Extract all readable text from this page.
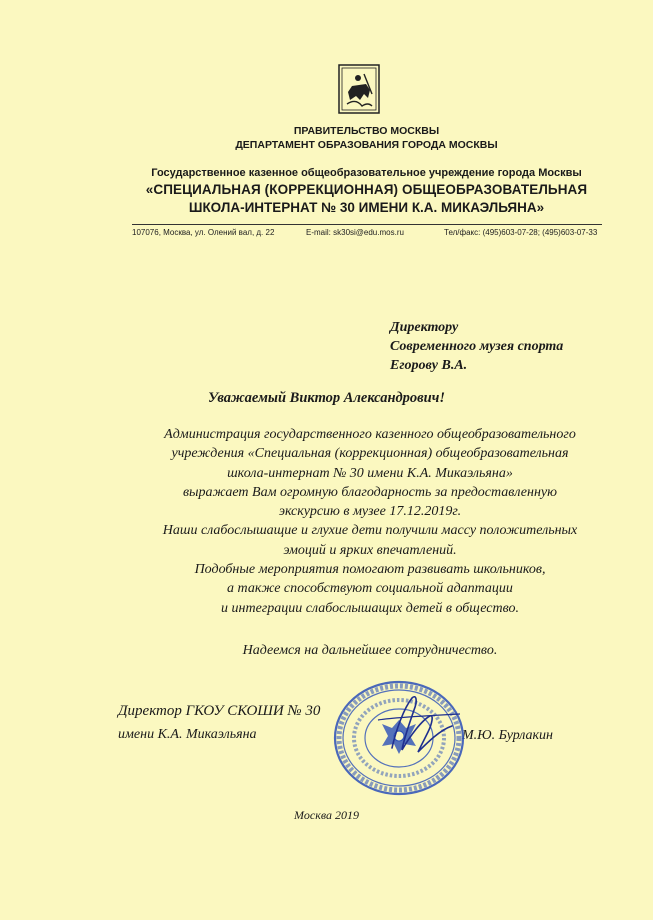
ПРАВИТЕЛЬСТВО МОСКВЫ
ДЕПАРТАМЕНТ ОБРАЗОВАНИЯ ГОРОДА МОСКВЫ
Государственное казенное общеобразовательное учреждение города Москвы
«СПЕЦИАЛЬНАЯ (КОРРЕКЦИОННАЯ) ОБЩЕОБРАЗОВАТЕЛЬНАЯ
ШКОЛА-ИНТЕРНАТ № 30 ИМЕНИ К.А. МИКАЭЛЬЯНА»
107076, Москва, ул. Олений вал, д. 22	E-mail: sk30si@edu.mos.ru	Тел/факс: (495)603-07-28; (495)603-07-33
Директору
Современного музея спорта
Егорову В.А.
Уважаемый Виктор Александрович!
Администрация государственного казенного общеобразовательного
учреждения «Специальная (коррекционная) общеобразовательная
школа-интернат № 30 имени К.А. Микаэльяна»
выражает Вам огромную благодарность за предоставленную
экскурсию в музее 17.12.2019г.
Наши слабослышащие и глухие дети получили массу положительных
эмоций и ярких впечатлений.
Подобные мероприятия помогают развивать школьников,
а также способствуют социальной адаптации
и интеграции слабослышащих детей в общество.
Надеемся на дальнейшее сотрудничество.
Директор ГКОУ СКОШИ № 30
имени К.А. Микаэльяна	М.Ю. Бурлакин
Москва 2019
